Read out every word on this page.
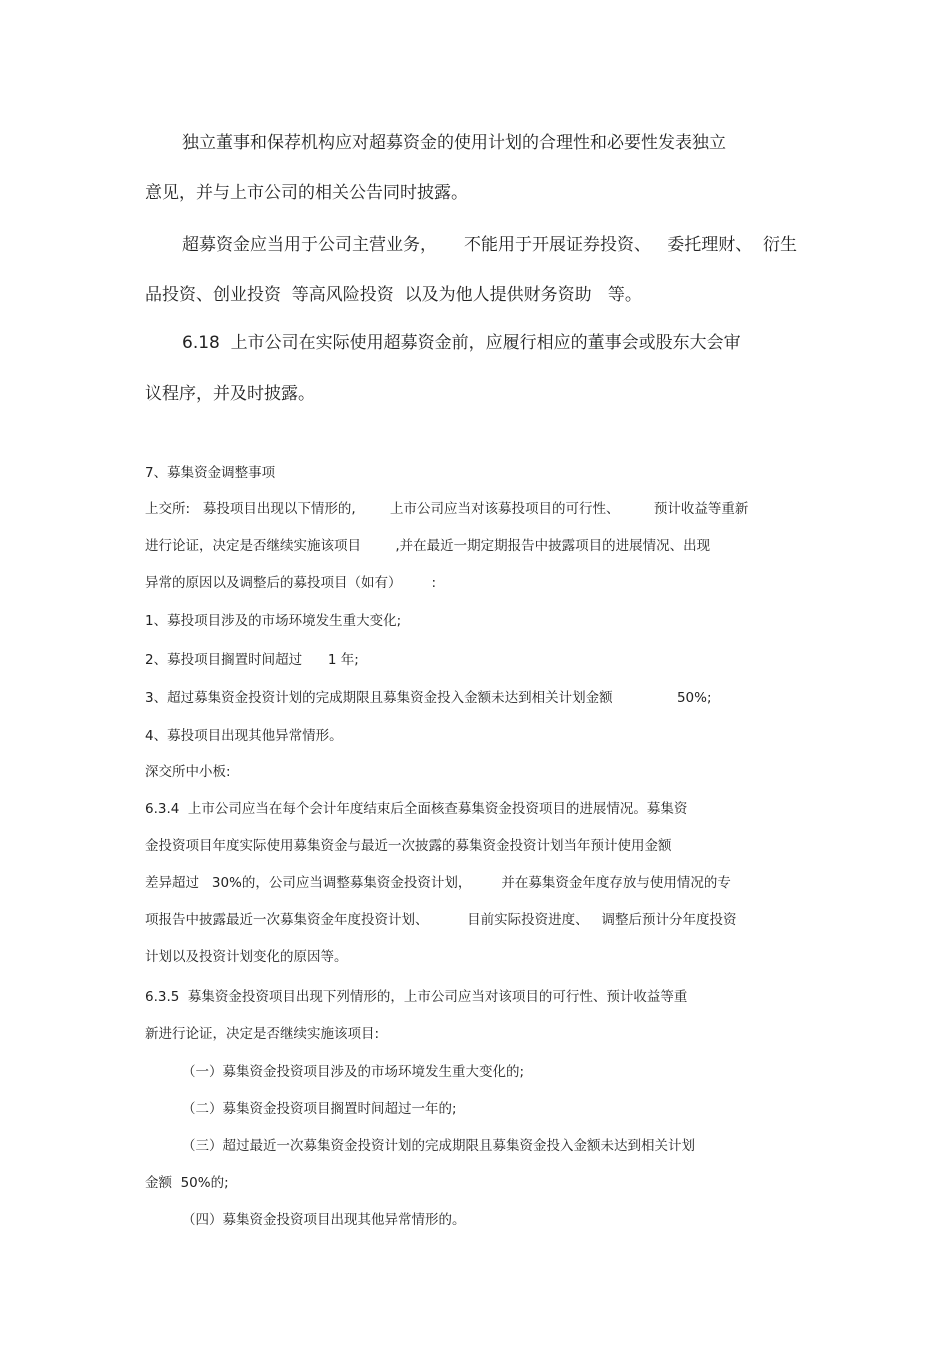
独立董事和保荐机构应对超募资金的使用计划的合理性和必要性发表独立
意见，并与上市公司的相关公告同时披露。
超募资金应当用于公司主营业务，     不能用于开展证券投资、   委托理财、  衍生
品投资、创业投资  等高风险投资  以及为他人提供财务资助   等。
6.18  上市公司在实际使用超募资金前，应履行相应的董事会或股东大会审
议程序，并及时披露。
7、募集资金调整事项
上交所:   募投项目出现以下情形的,        上市公司应当对该募投项目的可行性、        预计收益等重新
进行论证，决定是否继续实施该项目        ,并在最近一期定期报告中披露项目的进展情况、出现
异常的原因以及调整后的募投项目（如有）       :
1、募投项目涉及的市场环境发生重大变化;
2、募投项目搁置时间超过      1 年;
3、超过募集资金投资计划的完成期限且募集资金投入金额未达到相关计划金额               50%;
4、募投项目出现其他异常情形。
深交所中小板:
6.3.4  上市公司应当在每个会计年度结束后全面核查募集资金投资项目的进展情况。募集资
金投资项目年度实际使用募集资金与最近一次披露的募集资金投资计划当年预计使用金额
差异超过   30%的，公司应当调整募集资金投资计划，       并在募集资金年度存放与使用情况的专
项报告中披露最近一次募集资金年度投资计划、         目前实际投资进度、   调整后预计分年度投资
计划以及投资计划变化的原因等。
6.3.5  募集资金投资项目出现下列情形的，上市公司应当对该项目的可行性、预计收益等重
新进行论证，决定是否继续实施该项目:
（一）募集资金投资项目涉及的市场环境发生重大变化的;
（二）募集资金投资项目搁置时间超过一年的;
（三）超过最近一次募集资金投资计划的完成期限且募集资金投入金额未达到相关计划
金额  50%的;
（四）募集资金投资项目出现其他异常情形的。
